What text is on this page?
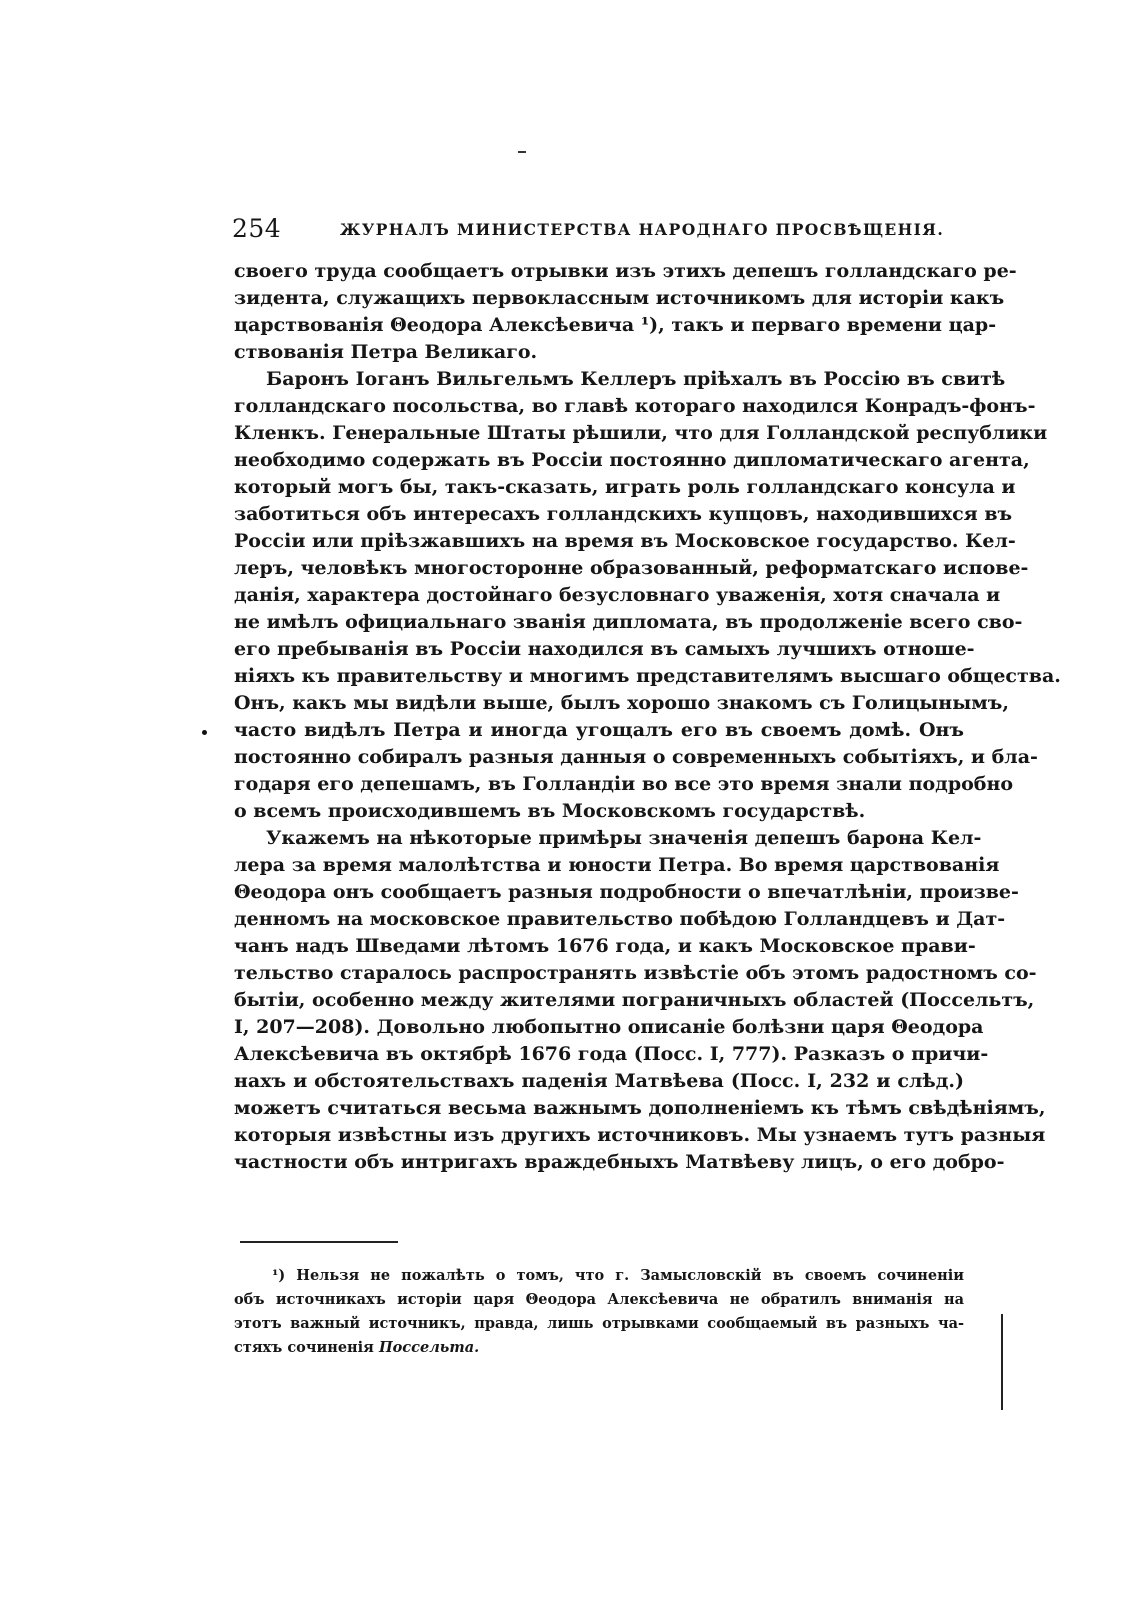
254	ЖУРНАЛЪ МИНИСТЕРСТВА НАРОДНАГО ПРОСВѢЩЕНІЯ.
своего труда сообщаетъ отрывки изъ этихъ депешъ голландскаго ре-
зидента, служащихъ первоклассным источникомъ для исторіи какъ
царствованія Θеодора Алексѣевича ¹), такъ и перваго времени цар-
ствованія Петра Великаго.
Баронъ Іоганъ Вильгельмъ Келлеръ пріѣхалъ въ Россію въ свитѣ
голландскаго посольства, во главѣ котораго находился Конрадъ-фонъ-
Кленкъ. Генеральные Штаты рѣшили, что для Голландской республики
необходимо содержать въ Россіи постоянно дипломатическаго агента,
который могъ бы, такъ-сказать, играть роль голландскаго консула и
заботиться объ интересахъ голландскихъ купцовъ, находившихся въ
Россіи или пріѣзжавшихъ на время въ Московское государство. Кел-
леръ, человѣкъ многосторонне образованный, реформатскаго испове-
данія, характера достойнаго безусловнаго уваженія, хотя сначала и
не имѣлъ официальнаго званія дипломата, въ продолженіе всего сво-
его пребыванія въ Россіи находился въ самыхъ лучшихъ отноше-
ніяхъ къ правительству и многимъ представителямъ высшаго общества.
Онъ, какъ мы видѣли выше, былъ хорошо знакомъ съ Голицынымъ,
часто видѣлъ Петра и иногда угощалъ его въ своемъ домѣ. Онъ
постоянно собиралъ разныя данныя о современныхъ событіяхъ, и бла-
годаря его депешамъ, въ Голландіи во все это время знали подробно
о всемъ происходившемъ въ Московскомъ государствѣ.
Укажемъ на нѣкоторые примѣры значенія депешъ барона Кел-
лера за время малолѣтства и юности Петра. Во время царствованія
Θеодора онъ сообщаетъ разныя подробности о впечатлѣніи, произве-
денномъ на московское правительство побѣдою Голландцевъ и Дат-
чанъ надъ Шведами лѣтомъ 1676 года, и какъ Московское прави-
тельство старалось распространять извѣстіе объ этомъ радостномъ со-
бытіи, особенно между жителями пограничныхъ областей (Поссельтъ,
I, 207—208). Довольно любопытно описаніе болѣзни царя Θеодора
Алексѣевича въ октябрѣ 1676 года (Посс. I, 777). Разказъ о причи-
нахъ и обстоятельствахъ паденія Матвѣева (Посс. I, 232 и слѣд.)
можетъ считаться весьма важнымъ дополненіемъ къ тѣмъ свѣдѣніямъ,
которыя извѣстны изъ другихъ источниковъ. Мы узнаемъ тутъ разныя
частности объ интригахъ враждебныхъ Матвѣеву лицъ, о его добро-
¹) Нельзя не пожалѣть о томъ, что г. Замысловскій въ своемъ сочиненіи
объ источникахъ исторіи царя Θеодора Алексѣевича не обратилъ вниманія на
этотъ важный источникъ, правда, лишь отрывками сообщаемый въ разныхъ ча-
стяхъ сочиненія Поссельта.
